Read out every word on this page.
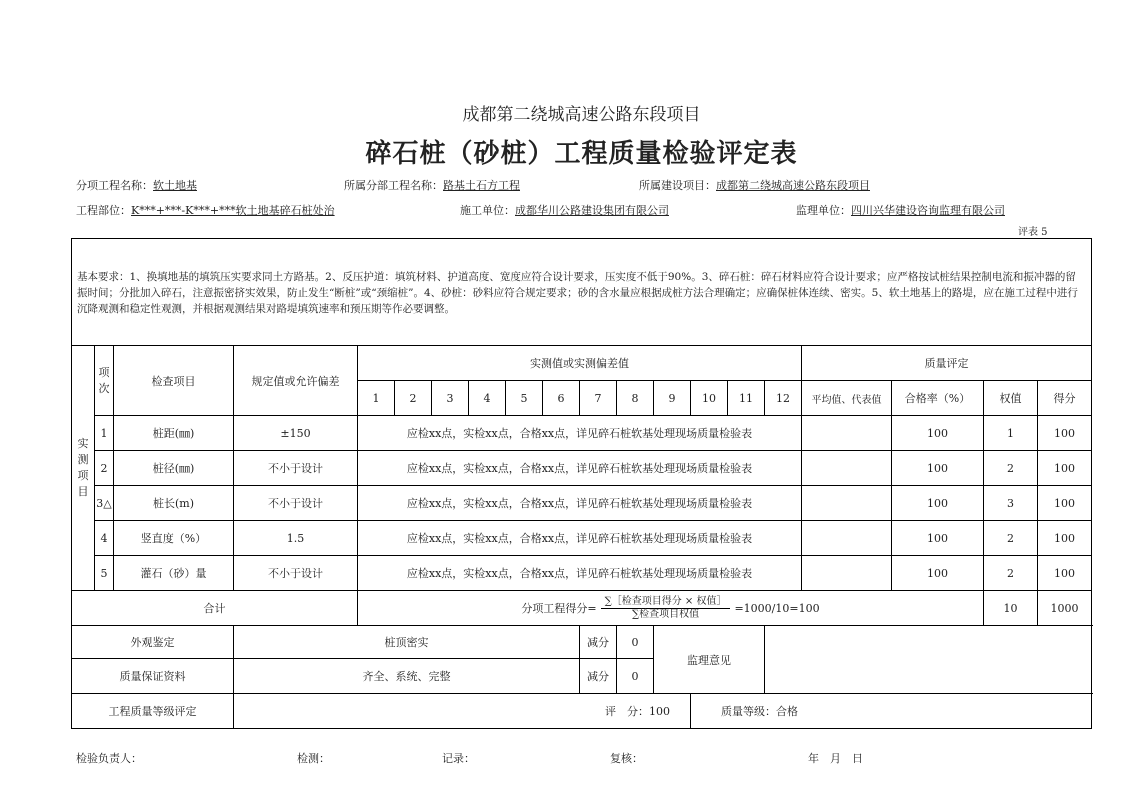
成都第二绕城高速公路东段项目
碎石桩（砂桩）工程质量检验评定表
分项工程名称：软土地基	所属分部工程名称：路基土石方工程	所属建设项目：成都第二绕城高速公路东段项目
工程部位：K***+***-K***+***软土地基碎石桩处治	施工单位：成都华川公路建设集团有限公司	监理单位：四川兴华建设咨询监理有限公司
评表 5
基本要求：1、换填地基的填筑压实要求同土方路基。2、反压护道：填筑材料、护道高度、宽度应符合设计要求，压实度不低于90%。3、碎石桩：碎石材料应符合设计要求；应严格按试桩结果控制电流和振冲器的留振时间；分批加入碎石，注意振密挤实效果，防止发生“断桩”或“颈缩桩”。4、砂桩：砂料应符合规定要求；砂的含水量应根据成桩方法合理确定；应确保桩体连续、密实。5、软土地基上的路堤，应在施工过程中进行沉降观测和稳定性观测，并根据观测结果对路堤填筑速率和预压期等作必要调整。																			
实测项目	项次	检查项目	规定值或允许偏差	实测值或实测偏差值												质量评定			
				1	2	3	4	5	6	7	8	9	10	11	12	平均值、代表值	合格率（%）	权值	得分
	1	桩距(㎜)	±150	应检xx点，实检xx点，合格xx点，详见碎石桩软基处理现场质量检验表													100	1	100
	2	桩径(㎜)	不小于设计	应检xx点，实检xx点，合格xx点，详见碎石桩软基处理现场质量检验表													100	2	100
	3△	桩长(m)	不小于设计	应检xx点，实检xx点，合格xx点，详见碎石桩软基处理现场质量检验表													100	3	100
	4	竖直度（%）	1.5	应检xx点，实检xx点，合格xx点，详见碎石桩软基处理现场质量检验表													100	2	100
	5	灌石（砂）量	不小于设计	应检xx点，实检xx点，合格xx点，详见碎石桩软基处理现场质量检验表													100	2	100
合计				分项工程得分= $\frac{\text{∑［检查项目得分 × 权值］}}{\text{∑检查项目权值}} =1000/10=100$														10	1000
外观鉴定			桩顶密实							减分	0	监理意见							
质量保证资料			齐全、系统、完整							减分	0								
工程质量等级评定			评　分：100										质量等级：合格						
检验负责人：	检测：	记录：	复核：	年　月　日
